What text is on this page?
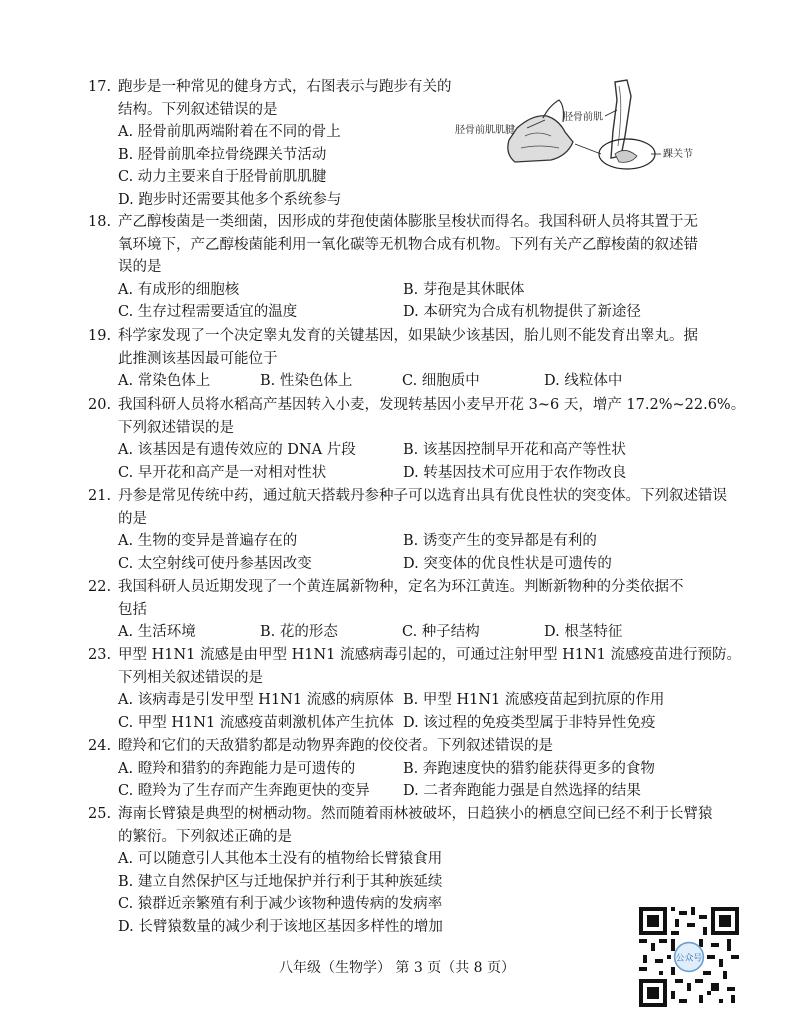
17. 跑步是一种常见的健身方式，右图表示与跑步有关的
结构。下列叙述错误的是
A. 胫骨前肌两端附着在不同的骨上
B. 胫骨前肌牵拉骨绕踝关节活动
C. 动力主要来自于胫骨前肌肌腱
D. 跑步时还需要其他多个系统参与
胫骨前肌肌腱
胫骨前肌
踝关节
18. 产乙醇梭菌是一类细菌，因形成的芽孢使菌体膨胀呈梭状而得名。我国科研人员将其置于无
氧环境下，产乙醇梭菌能利用一氧化碳等无机物合成有机物。下列有关产乙醇梭菌的叙述错
误的是
A. 有成形的细胞核	B. 芽孢是其休眠体
C. 生存过程需要适宜的温度	D. 本研究为合成有机物提供了新途径
19. 科学家发现了一个决定睾丸发育的关键基因，如果缺少该基因，胎儿则不能发育出睾丸。据
此推测该基因最可能位于
A. 常染色体上	B. 性染色体上	C. 细胞质中	D. 线粒体中
20. 我国科研人员将水稻高产基因转入小麦，发现转基因小麦早开花 3~6 天，增产 17.2%~22.6%。
下列叙述错误的是
A. 该基因是有遗传效应的 DNA 片段	B. 该基因控制早开花和高产等性状
C. 早开花和高产是一对相对性状	D. 转基因技术可应用于农作物改良
21. 丹参是常见传统中药，通过航天搭载丹参种子可以选育出具有优良性状的突变体。下列叙述错误
的是
A. 生物的变异是普遍存在的	B. 诱变产生的变异都是有利的
C. 太空射线可使丹参基因改变	D. 突变体的优良性状是可遗传的
22. 我国科研人员近期发现了一个黄连属新物种，定名为环江黄连。判断新物种的分类依据不
包括
A. 生活环境	B. 花的形态	C. 种子结构	D. 根茎特征
23. 甲型 H1N1 流感是由甲型 H1N1 流感病毒引起的，可通过注射甲型 H1N1 流感疫苗进行预防。
下列相关叙述错误的是
A. 该病毒是引发甲型 H1N1 流感的病原体 B. 甲型 H1N1 流感疫苗起到抗原的作用
C. 甲型 H1N1 流感疫苗刺激机体产生抗体 D. 该过程的免疫类型属于非特异性免疫
24. 瞪羚和它们的天敌猎豹都是动物界奔跑的佼佼者。下列叙述错误的是
A. 瞪羚和猎豹的奔跑能力是可遗传的	B. 奔跑速度快的猎豹能获得更多的食物
C. 瞪羚为了生存而产生奔跑更快的变异	D. 二者奔跑能力强是自然选择的结果
25. 海南长臂猿是典型的树栖动物。然而随着雨林被破坏，日趋狭小的栖息空间已经不利于长臂猿
的繁衍。下列叙述正确的是
A. 可以随意引人其他本土没有的植物给长臂猿食用
B. 建立自然保护区与迁地保护并行利于其种族延续
C. 猿群近亲繁殖有利于减少该物种遗传病的发病率
D. 长臂猿数量的减少利于该地区基因多样性的增加
公众号
八年级（生物学） 第 3 页（共 8 页）
